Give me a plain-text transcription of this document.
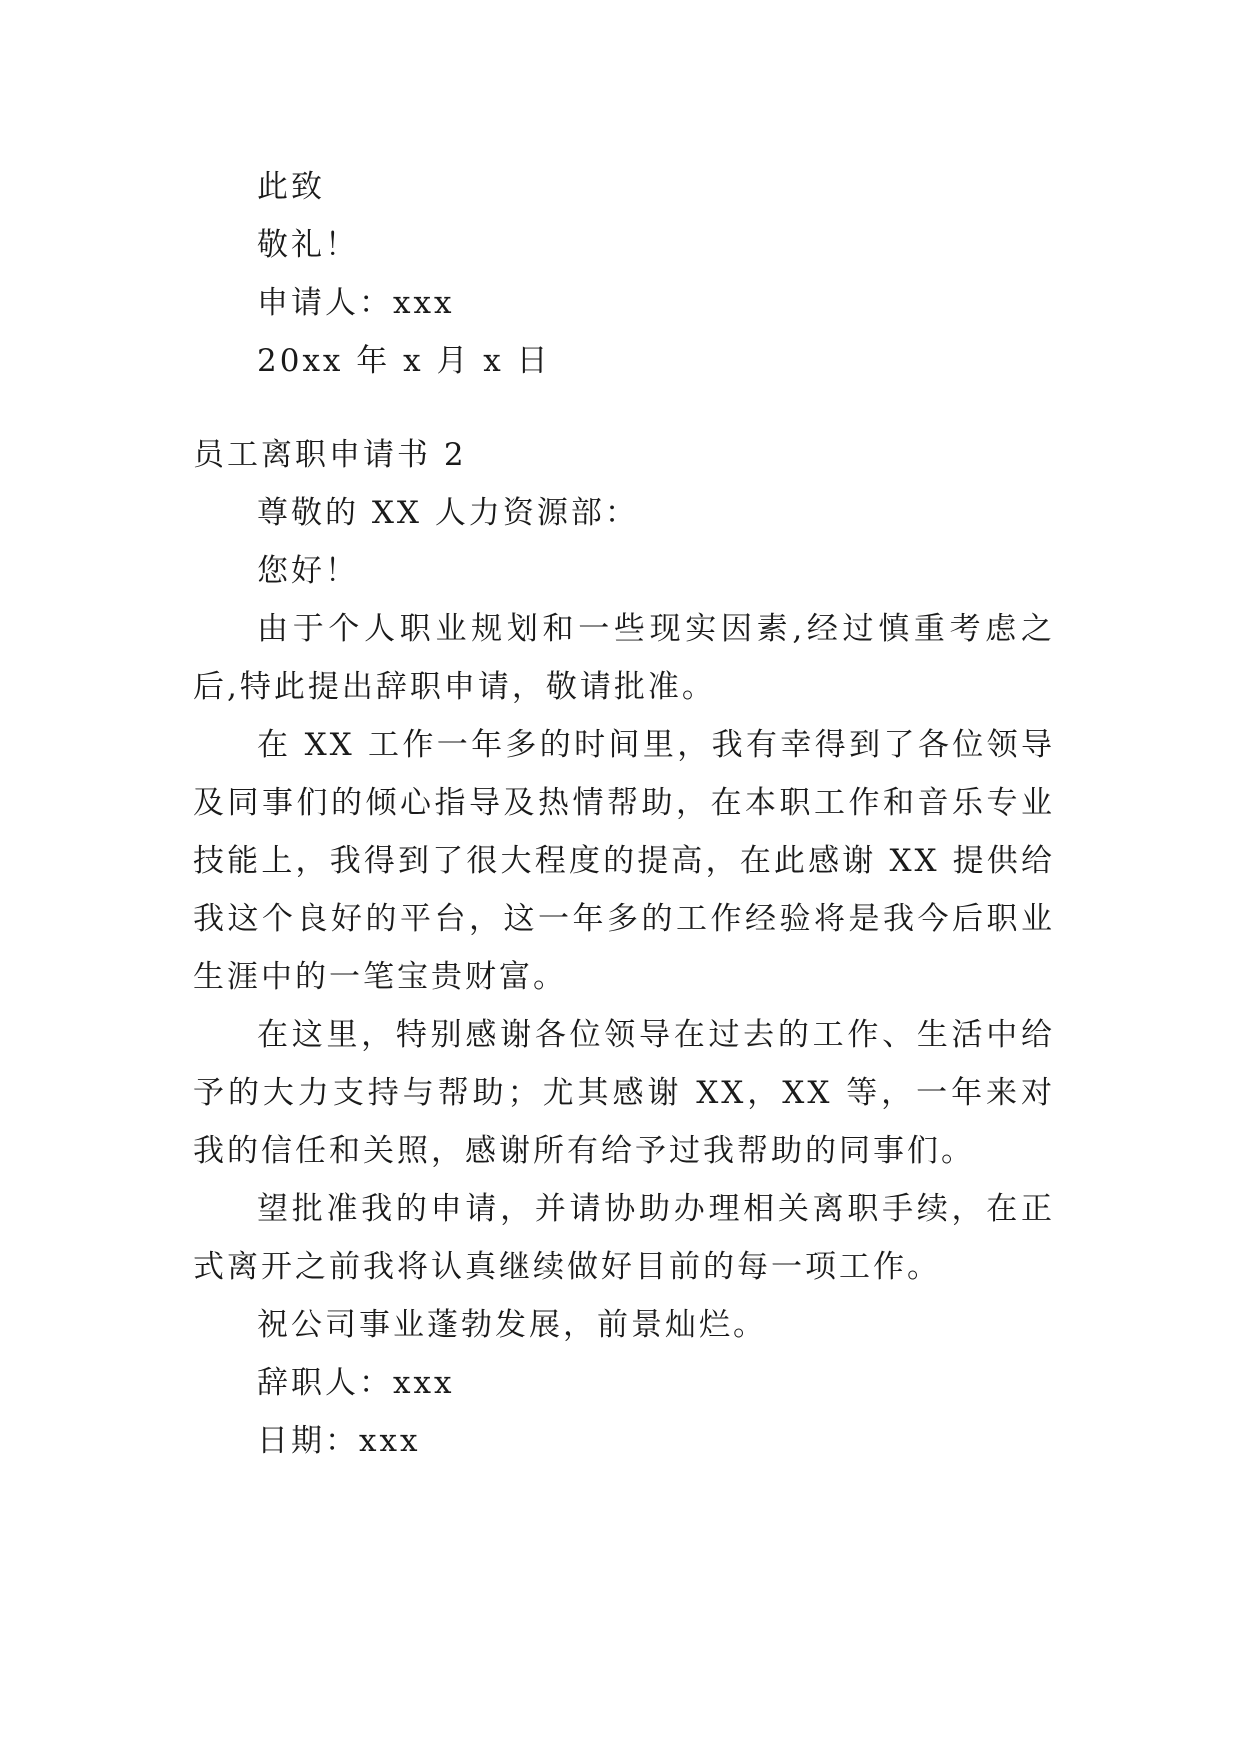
此致
敬礼！
申请人：xxx
20xx 年 x 月 x 日
员工离职申请书 2
尊敬的 XX 人力资源部：
您好！

由于个人职业规划和一些现实因素,经过慎重考虑之后,特此提出辞职申请，敬请批准。

在 XX 工作一年多的时间里，我有幸得到了各位领导及同事们的倾心指导及热情帮助，在本职工作和音乐专业技能上，我得到了很大程度的提高，在此感谢 XX 提供给我这个良好的平台，这一年多的工作经验将是我今后职业生涯中的一笔宝贵财富。

在这里，特别感谢各位领导在过去的工作、生活中给予的大力支持与帮助；尤其感谢 XX，XX 等，一年来对我的信任和关照，感谢所有给予过我帮助的同事们。

望批准我的申请，并请协助办理相关离职手续，在正式离开之前我将认真继续做好目前的每一项工作。

祝公司事业蓬勃发展，前景灿烂。
辞职人：xxx
日期：xxx
